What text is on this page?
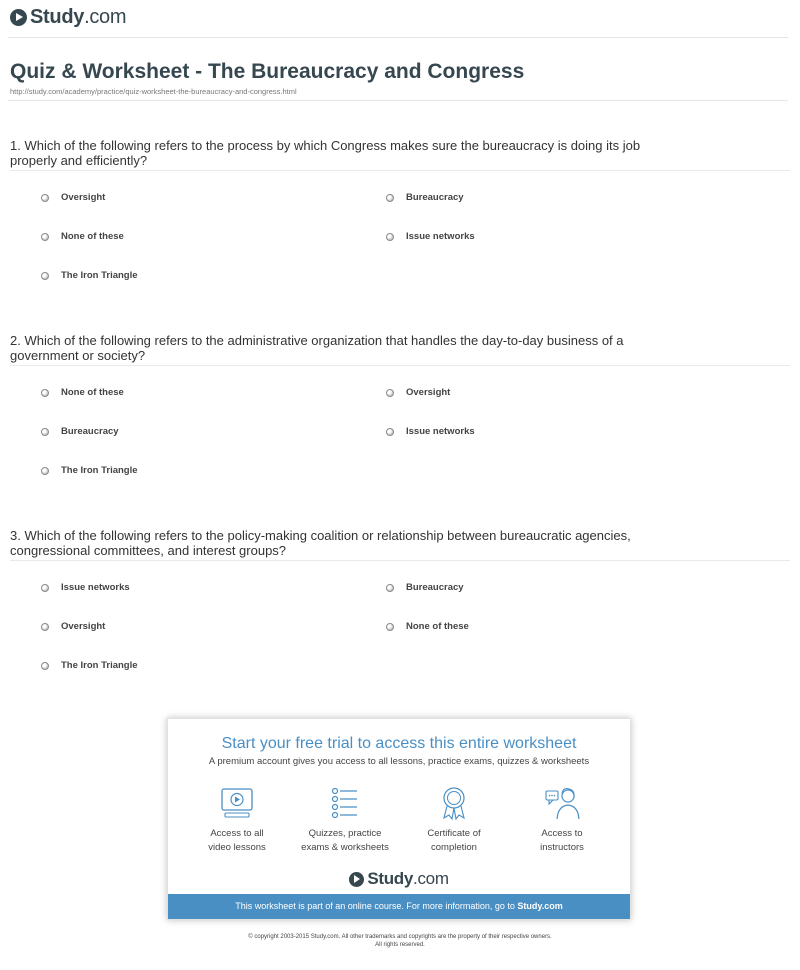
Study.com
Quiz & Worksheet - The Bureaucracy and Congress
http://study.com/academy/practice/quiz-worksheet-the-bureaucracy-and-congress.html

1. Which of the following refers to the process by which Congress makes sure the bureaucracy is doing its job properly and efficiently?

Oversight	Bureaucracy
None of these	Issue networks
The Iron Triangle

2. Which of the following refers to the administrative organization that handles the day-to-day business of a government or society?

None of these	Oversight
Bureaucracy	Issue networks
The Iron Triangle

3. Which of the following refers to the policy-making coalition or relationship between bureaucratic agencies, congressional committees, and interest groups?

Issue networks	Bureaucracy
Oversight	None of these
The Iron Triangle
Start your free trial to access this entire worksheet
A premium account gives you access to all lessons, practice exams, quizzes & worksheets
Access to all
video lessons
Quizzes, practice
exams & worksheets
Certificate of
completion
Access to
instructors
Study.com
This worksheet is part of an online course. For more information, go to Study.com
© copyright 2003-2015 Study.com. All other trademarks and copyrights are the property of their respective owners.
All rights reserved.
